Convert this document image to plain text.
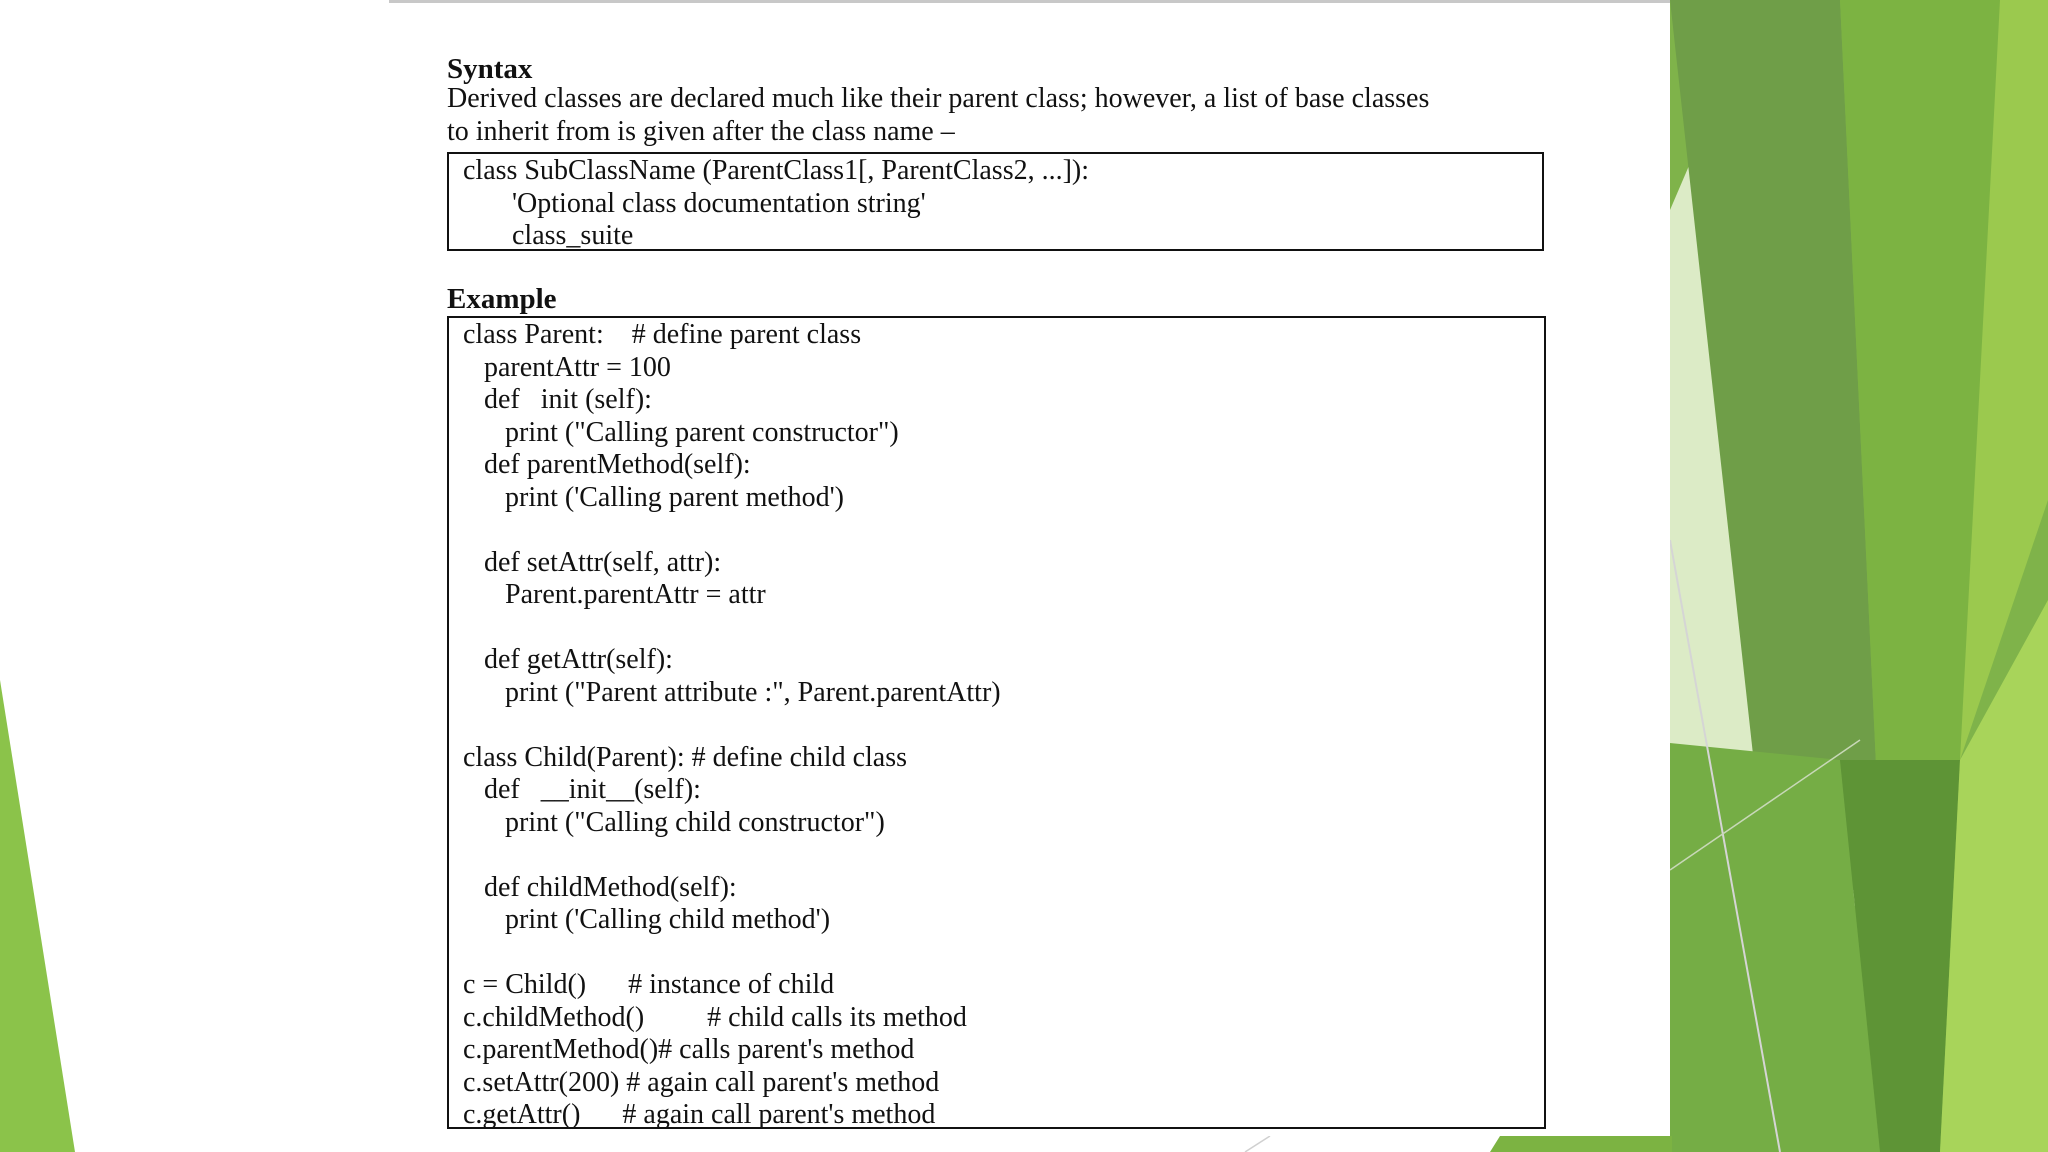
Syntax
Derived classes are declared much like their parent class; however, a list of base classes
to inherit from is given after the class name –
class SubClassName (ParentClass1[, ParentClass2, ...]):
'Optional class documentation string'
class_suite
Example
class Parent:    # define parent class
parentAttr = 100
def   init (self):
print ("Calling parent constructor")
def parentMethod(self):
print ('Calling parent method')
def setAttr(self, attr):
Parent.parentAttr = attr
def getAttr(self):
print ("Parent attribute :", Parent.parentAttr)
class Child(Parent): # define child class
def   __init__(self):
print ("Calling child constructor")
def childMethod(self):
print ('Calling child method')
c = Child()      # instance of child
c.childMethod()         # child calls its method
c.parentMethod()# calls parent's method
c.setAttr(200) # again call parent's method
c.getAttr()      # again call parent's method
